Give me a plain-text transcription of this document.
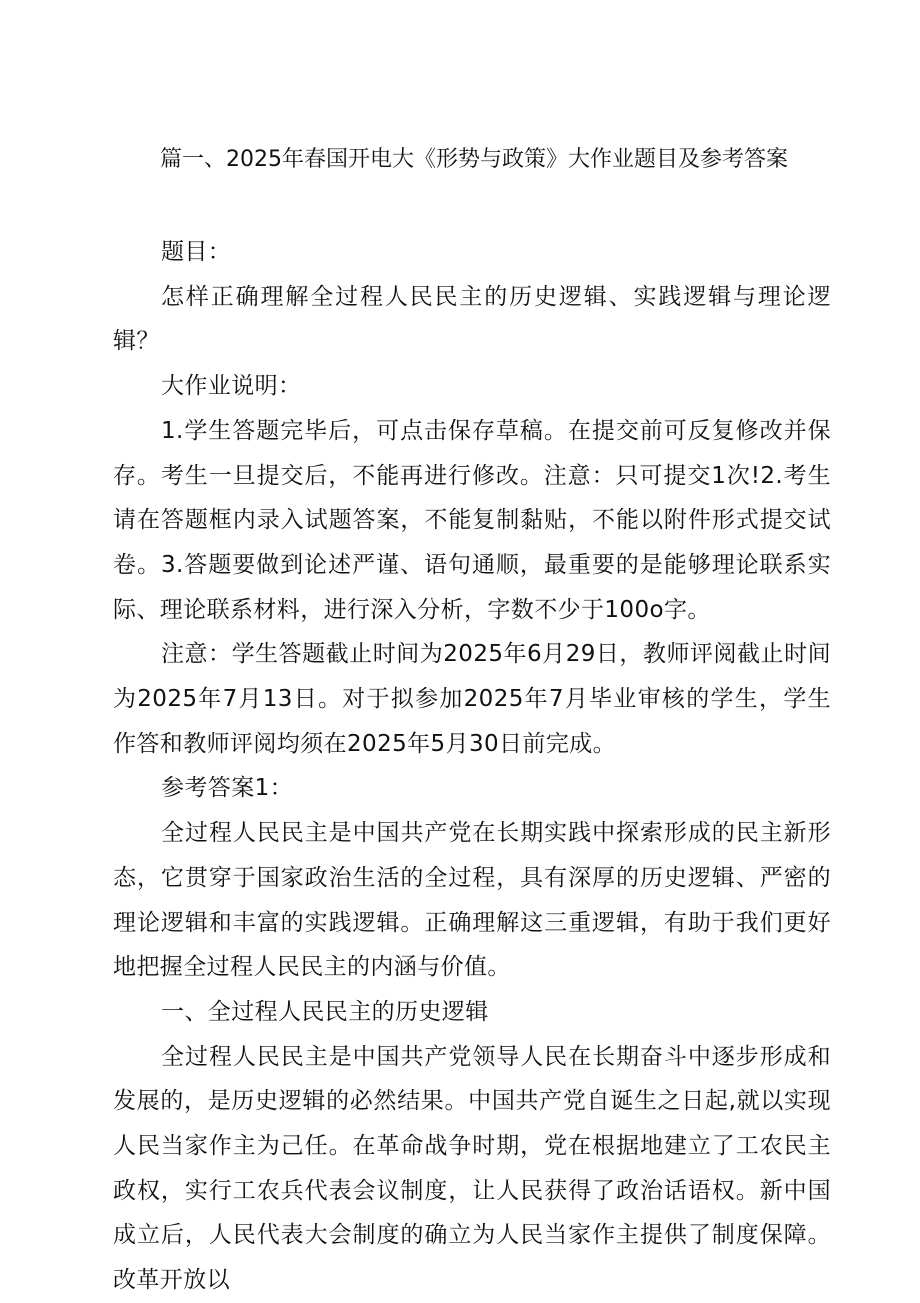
篇一、2025年春国开电大《形势与政策》大作业题目及参考答案

题目：

怎样正确理解全过程人民民主的历史逻辑、实践逻辑与理论逻辑？

大作业说明：

1.学生答题完毕后，可点击保存草稿。在提交前可反复修改并保存。考生一旦提交后，不能再进行修改。注意：只可提交1次!2.考生请在答题框内录入试题答案，不能复制黏贴，不能以附件形式提交试卷。3.答题要做到论述严谨、语句通顺，最重要的是能够理论联系实际、理论联系材料，进行深入分析，字数不少于100o字。

注意：学生答题截止时间为2025年6月29日，教师评阅截止时间为2025年7月13日。对于拟参加2025年7月毕业审核的学生，学生作答和教师评阅均须在2025年5月30日前完成。

参考答案1：

全过程人民民主是中国共产党在长期实践中探索形成的民主新形态，它贯穿于国家政治生活的全过程，具有深厚的历史逻辑、严密的理论逻辑和丰富的实践逻辑。正确理解这三重逻辑，有助于我们更好地把握全过程人民民主的内涵与价值。

一、全过程人民民主的历史逻辑

全过程人民民主是中国共产党领导人民在长期奋斗中逐步形成和发展的，是历史逻辑的必然结果。中国共产党自诞生之日起,就以实现人民当家作主为己任。在革命战争时期，党在根据地建立了工农民主政权，实行工农兵代表会议制度，让人民获得了政治话语权。新中国成立后，人民代表大会制度的确立为人民当家作主提供了制度保障。改革开放以
